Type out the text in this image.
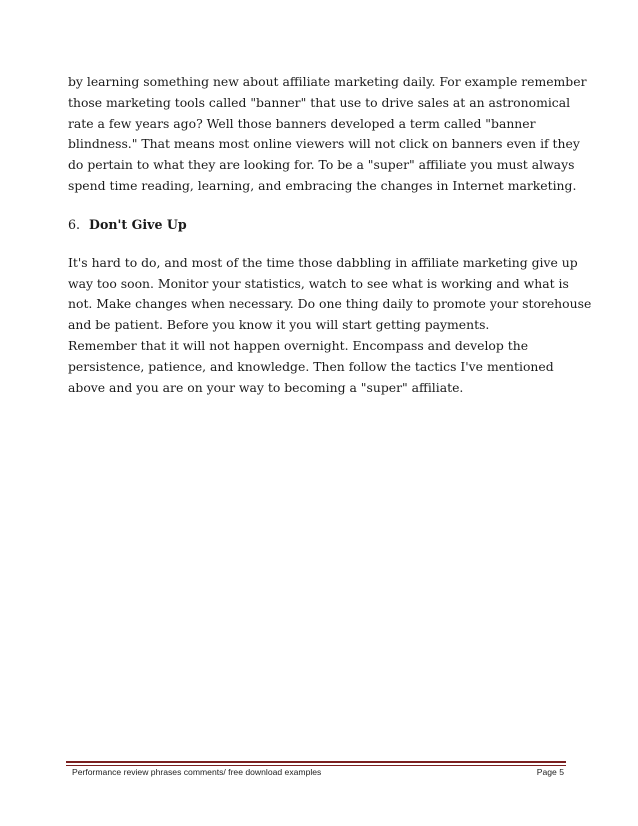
by learning something new about affiliate marketing daily. For example remember
those marketing tools called "banner" that use to drive sales at an astronomical
rate a few years ago? Well those banners developed a term called "banner
blindness." That means most online viewers will not click on banners even if they
do pertain to what they are looking for. To be a "super" affiliate you must always
spend time reading, learning, and embracing the changes in Internet marketing.

6. Don't Give Up

It's hard to do, and most of the time those dabbling in affiliate marketing give up
way too soon. Monitor your statistics, watch to see what is working and what is
not. Make changes when necessary. Do one thing daily to promote your storehouse
and be patient. Before you know it you will start getting payments.
Remember that it will not happen overnight. Encompass and develop the
persistence, patience, and knowledge. Then follow the tactics I've mentioned
above and you are on your way to becoming a "super" affiliate.

Performance review phrases comments/ free download examples	Page 5
